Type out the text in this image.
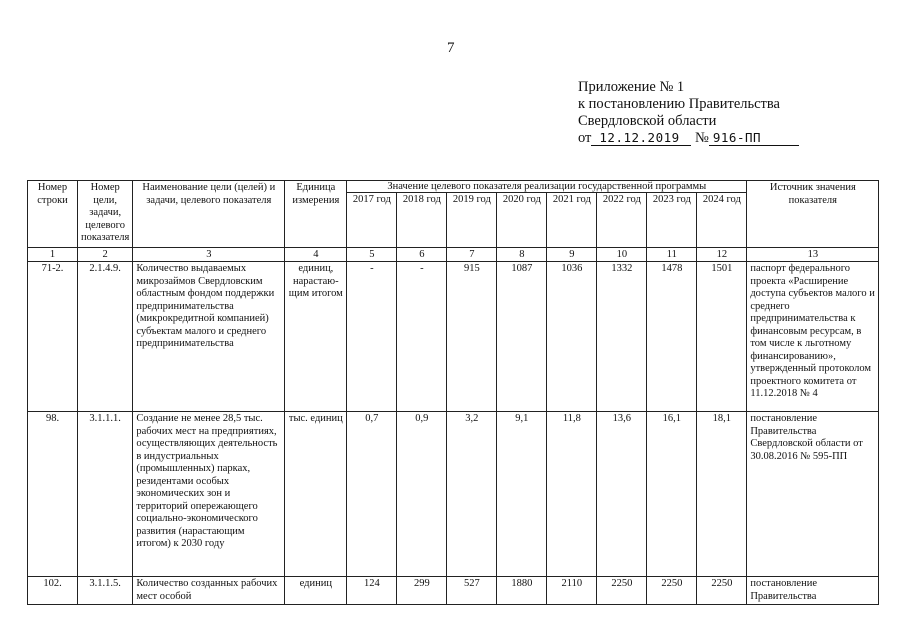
7
Приложение № 1
к постановлению Правительства
Свердловской области
от 12.12.2019 № 916-ПП
Номер строки	Номер цели, задачи, целевого показателя	Наименование цели (целей) и задачи, целевого показателя	Единица измерения	Значение целевого показателя реализации государственной программы								Источник значения показателя
				2017 год	2018 год	2019 год	2020 год	2021 год	2022 год	2023 год	2024 год	
1	2	3	4	5	6	7	8	9	10	11	12	13
71-2.	2.1.4.9.	Количество выдаваемых микрозаймов Свердловским областным фондом поддержки предпринимательства (микрокредитной компанией) субъектам малого и среднего предпринимательства	единиц, нарастаю-щим итогом	-	-	915	1087	1036	1332	1478	1501	паспорт федерального проекта «Расширение доступа субъектов малого и среднего предпринимательства к финансовым ресурсам, в том числе к льготному финансированию», утвержденный протоколом проектного комитета от 11.12.2018 № 4
98.	3.1.1.1.	Создание не менее 28,5 тыс. рабочих мест на предприятиях, осуществляющих деятельность в индустриальных (промышленных) парках, резидентами особых экономических зон и территорий опережающего социально-экономического развития (нарастающим итогом) к 2030 году	тыс. единиц	0,7	0,9	3,2	9,1	11,8	13,6	16,1	18,1	постановление Правительства Свердловской области от 30.08.2016 № 595-ПП
102.	3.1.1.5.	Количество созданных рабочих мест особой	единиц	124	299	527	1880	2110	2250	2250	2250	постановление Правительства
